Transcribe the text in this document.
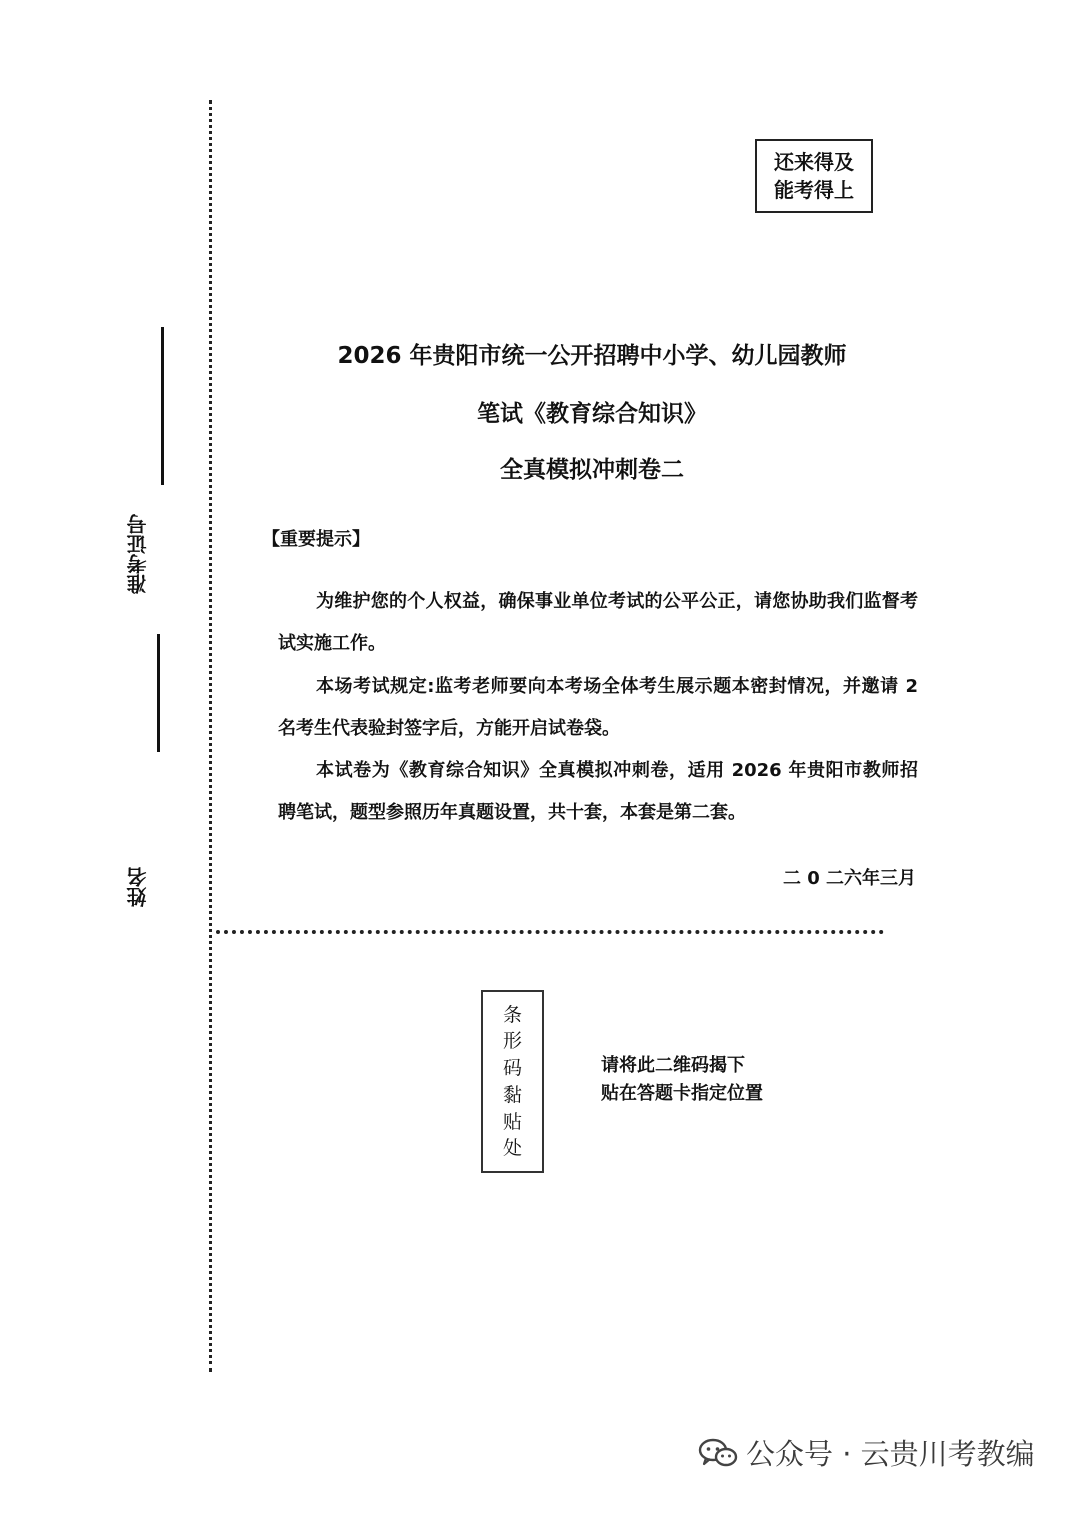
准考证号
姓名
还来得及
能考得上
2026 年贵阳市统一公开招聘中小学、幼儿园教师
笔试《教育综合知识》
全真模拟冲刺卷二
【重要提示】
为维护您的个人权益，确保事业单位考试的公平公正，请您协助我们监督考试实施工作。
本场考试规定:监考老师要向本考场全体考生展示题本密封情况，并邀请 2 名考生代表验封签字后，方能开启试卷袋。
本试卷为《教育综合知识》全真模拟冲刺卷，适用 2026 年贵阳市教师招聘笔试，题型参照历年真题设置，共十套，本套是第二套。
二 0 二六年三月
条
形
码
黏
贴
处
请将此二维码揭下
贴在答题卡指定位置
公众号 · 云贵川考教编
